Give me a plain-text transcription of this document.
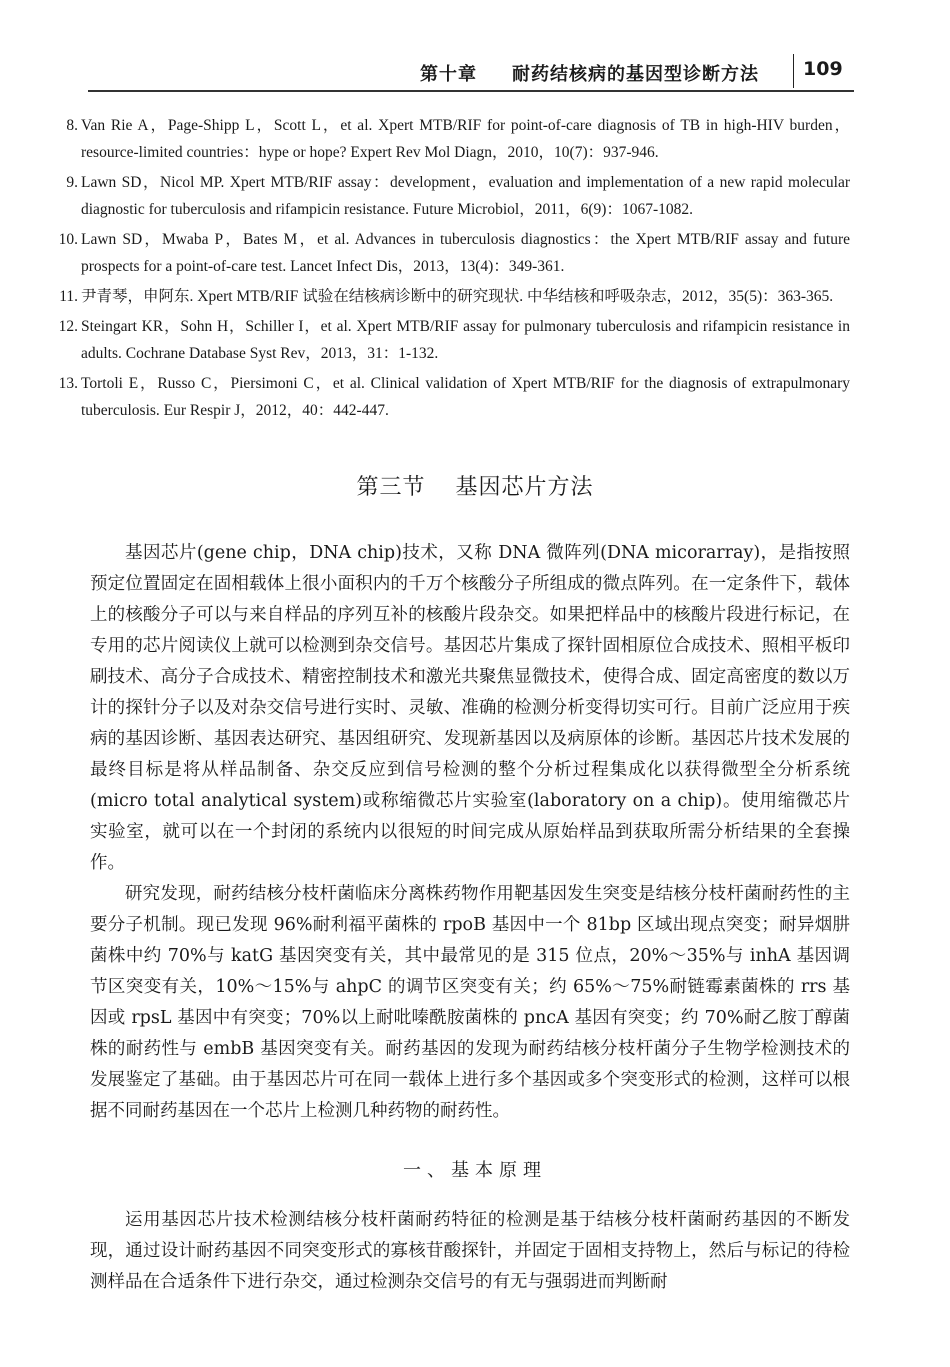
第十章 耐药结核病的基因型诊断方法 109
8. Van Rie A，Page-Shipp L，Scott L，et al. Xpert MTB/RIF for point-of-care diagnosis of TB in high-HIV burden，resource-limited countries：hype or hope? Expert Rev Mol Diagn，2010，10(7)：937-946.
9. Lawn SD，Nicol MP. Xpert MTB/RIF assay：development，evaluation and implementation of a new rapid molecular diagnostic for tuberculosis and rifampicin resistance. Future Microbiol，2011，6(9)：1067-1082.
10. Lawn SD，Mwaba P，Bates M，et al. Advances in tuberculosis diagnostics：the Xpert MTB/RIF assay and future prospects for a point-of-care test. Lancet Infect Dis，2013，13(4)：349-361.
11. 尹青琴，申阿东. Xpert MTB/RIF 试验在结核病诊断中的研究现状. 中华结核和呼吸杂志，2012，35(5)：363-365.
12. Steingart KR，Sohn H，Schiller I，et al. Xpert MTB/RIF assay for pulmonary tuberculosis and rifampicin resistance in adults. Cochrane Database Syst Rev，2013，31：1-132.
13. Tortoli E，Russo C，Piersimoni C，et al. Clinical validation of Xpert MTB/RIF for the diagnosis of extrapulmonary tuberculosis. Eur Respir J，2012，40：442-447.
第三节 基因芯片方法

基因芯片(gene chip，DNA chip)技术，又称 DNA 微阵列(DNA micorarray)，是指按照预定位置固定在固相载体上很小面积内的千万个核酸分子所组成的微点阵列。在一定条件下，载体上的核酸分子可以与来自样品的序列互补的核酸片段杂交。如果把样品中的核酸片段进行标记，在专用的芯片阅读仪上就可以检测到杂交信号。基因芯片集成了探针固相原位合成技术、照相平板印刷技术、高分子合成技术、精密控制技术和激光共聚焦显微技术，使得合成、固定高密度的数以万计的探针分子以及对杂交信号进行实时、灵敏、准确的检测分析变得切实可行。目前广泛应用于疾病的基因诊断、基因表达研究、基因组研究、发现新基因以及病原体的诊断。基因芯片技术发展的最终目标是将从样品制备、杂交反应到信号检测的整个分析过程集成化以获得微型全分析系统(micro total analytical system)或称缩微芯片实验室(laboratory on a chip)。使用缩微芯片实验室，就可以在一个封闭的系统内以很短的时间完成从原始样品到获取所需分析结果的全套操作。

研究发现，耐药结核分枝杆菌临床分离株药物作用靶基因发生突变是结核分枝杆菌耐药性的主要分子机制。现已发现 96%耐利福平菌株的 rpoB 基因中一个 81bp 区域出现点突变；耐异烟肼菌株中约 70%与 katG 基因突变有关，其中最常见的是 315 位点，20%～35%与 inhA 基因调节区突变有关，10%～15%与 ahpC 的调节区突变有关；约 65%～75%耐链霉素菌株的 rrs 基因或 rpsL 基因中有突变；70%以上耐吡嗪酰胺菌株的 pncA 基因有突变；约 70%耐乙胺丁醇菌株的耐药性与 embB 基因突变有关。耐药基因的发现为耐药结核分枝杆菌分子生物学检测技术的发展鉴定了基础。由于基因芯片可在同一载体上进行多个基因或多个突变形式的检测，这样可以根据不同耐药基因在一个芯片上检测几种药物的耐药性。

一、基本原理

运用基因芯片技术检测结核分枝杆菌耐药特征的检测是基于结核分枝杆菌耐药基因的不断发现，通过设计耐药基因不同突变形式的寡核苷酸探针，并固定于固相支持物上，然后与标记的待检测样品在合适条件下进行杂交，通过检测杂交信号的有无与强弱进而判断耐
